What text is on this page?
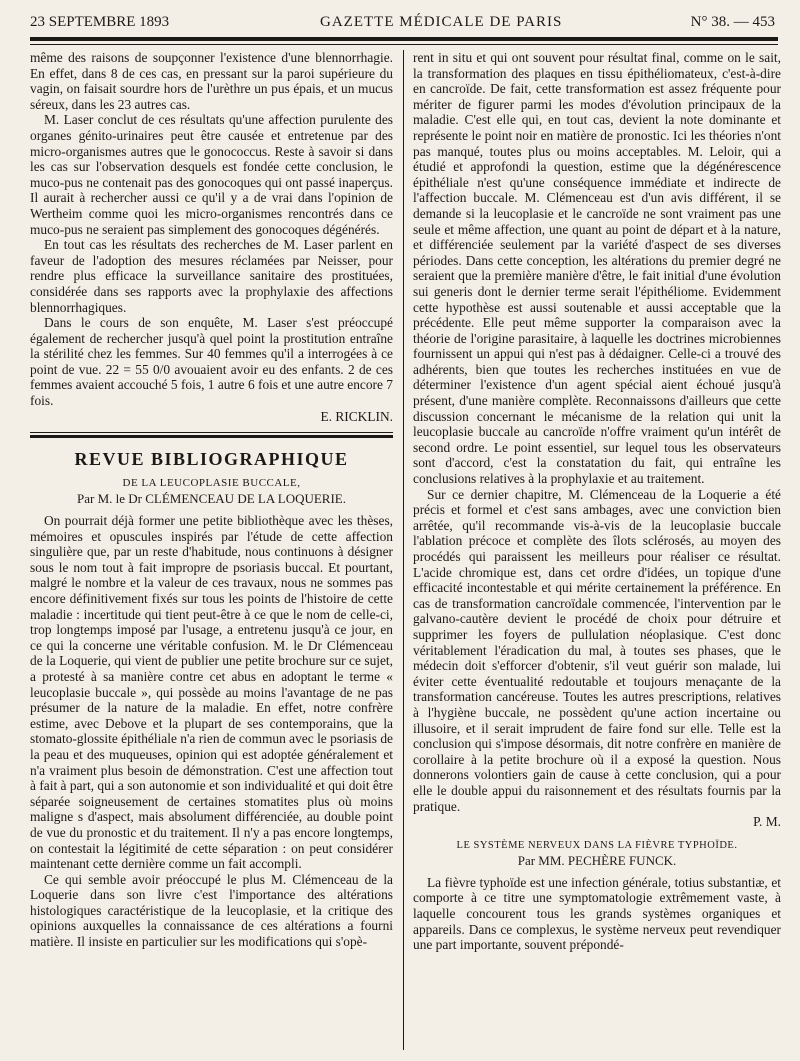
23 SEPTEMBRE 1893	GAZETTE MÉDICALE DE PARIS	N° 38. — 453

même des raisons de soupçonner l'existence d'une blennorrhagie. En effet, dans 8 de ces cas, en pressant sur la paroi supérieure du vagin, on faisait sourdre hors de l'urèthre un pus épais, et un mucus séreux, dans les 23 autres cas.

M. Laser conclut de ces résultats qu'une affection purulente des organes génito-urinaires peut être causée et entretenue par des micro-organismes autres que le gonococcus. Reste à savoir si dans les cas sur l'observation desquels est fondée cette conclusion, le muco-pus ne contenait pas des gonocoques qui ont passé inaperçus. Il aurait à rechercher aussi ce qu'il y a de vrai dans l'opinion de Wertheim comme quoi les micro-organismes rencontrés dans ce muco-pus ne seraient pas simplement des gonocoques dégénérés.

En tout cas les résultats des recherches de M. Laser parlent en faveur de l'adoption des mesures réclamées par Neisser, pour rendre plus efficace la surveillance sanitaire des prostituées, considérée dans ses rapports avec la prophylaxie des affections blennorrhagiques.

Dans le cours de son enquête, M. Laser s'est préoccupé également de rechercher jusqu'à quel point la prostitution entraîne la stérilité chez les femmes. Sur 40 femmes qu'il a interrogées à ce point de vue. 22 = 55 0/0 avouaient avoir eu des enfants. 2 de ces femmes avaient accouché 5 fois, 1 autre 6 fois et une autre encore 7 fois.

E. RICKLIN.
REVUE BIBLIOGRAPHIQUE
DE LA LEUCOPLASIE BUCCALE,
Par M. le Dr CLÉMENCEAU DE LA LOQUERIE.

On pourrait déjà former une petite bibliothèque avec les thèses, mémoires et opuscules inspirés par l'étude de cette affection singulière que, par un reste d'habitude, nous continuons à désigner sous le nom tout à fait impropre de psoriasis buccal. Et pourtant, malgré le nombre et la valeur de ces travaux, nous ne sommes pas encore définitivement fixés sur tous les points de l'histoire de cette maladie : incertitude qui tient peut-être à ce que le nom de celle-ci, trop longtemps imposé par l'usage, a entretenu jusqu'à ce jour, en ce qui la concerne une véritable confusion. M. le Dr Clémenceau de la Loquerie, qui vient de publier une petite brochure sur ce sujet, a protesté à sa manière contre cet abus en adoptant le terme « leucoplasie buccale », qui possède au moins l'avantage de ne pas présumer de la nature de la maladie. En effet, notre confrère estime, avec Debove et la plupart de ses contemporains, que la stomato-glossite épithéliale n'a rien de commun avec le psoriasis de la peau et des muqueuses, opinion qui est adoptée généralement et n'a vraiment plus besoin de démonstration. C'est une affection tout à fait à part, qui a son autonomie et son individualité et qui doit être séparée soigneusement de certaines stomatites plus où moins maligne s d'aspect, mais absolument différenciée, au double point de vue du pronostic et du traitement. Il n'y a pas encore longtemps, on contestait la légitimité de cette séparation : on peut considérer maintenant cette dernière comme un fait accompli.

Ce qui semble avoir préoccupé le plus M. Clémenceau de la Loquerie dans son livre c'est l'importance des altérations histologiques caractéristique de la leucoplasie, et la critique des opinions auxquelles la connaissance de ces altérations a fourni matière. Il insiste en particulier sur les modifications qui s'opè-

rent in situ et qui ont souvent pour résultat final, comme on le sait, la transformation des plaques en tissu épithéliomateux, c'est-à-dire en cancroïde. De fait, cette transformation est assez fréquente pour mériter de figurer parmi les modes d'évolution principaux de la maladie. C'est elle qui, en tout cas, devient la note dominante et représente le point noir en matière de pronostic. Ici les théories n'ont pas manqué, toutes plus ou moins acceptables. M. Leloir, qui a étudié et approfondi la question, estime que la dégénérescence épithéliale n'est qu'une conséquence immédiate et indirecte de l'affection buccale. M. Clémenceau est d'un avis différent, il se demande si la leucoplasie et le cancroïde ne sont vraiment pas une seule et même affection, une quant au point de départ et à la nature, et différenciée seulement par la variété d'aspect de ses diverses périodes. Dans cette conception, les altérations du premier degré ne seraient que la première manière d'être, le fait initial d'une évolution sui generis dont le dernier terme serait l'épithéliome. Evidemment cette hypothèse est aussi soutenable et aussi acceptable que la précédente. Elle peut même supporter la comparaison avec la théorie de l'origine parasitaire, à laquelle les doctrines microbiennes fournissent un appui qui n'est pas à dédaigner. Celle-ci a trouvé des adhérents, bien que toutes les recherches instituées en vue de déterminer l'existence d'un agent spécial aient échoué jusqu'à présent, d'une manière complète. Reconnaissons d'ailleurs que cette discussion concernant le mécanisme de la relation qui unit la leucoplasie buccale au cancroïde n'offre vraiment qu'un intérêt de second ordre. Le point essentiel, sur lequel tous les observateurs sont d'accord, c'est la constatation du fait, qui entraîne les conclusions relatives à la prophylaxie et au traitement.

Sur ce dernier chapitre, M. Clémenceau de la Loquerie a été précis et formel et c'est sans ambages, avec une conviction bien arrêtée, qu'il recommande vis-à-vis de la leucoplasie buccale l'ablation précoce et complète des îlots sclérosés, au moyen des procédés qui paraissent les meilleurs pour réaliser ce résultat. L'acide chromique est, dans cet ordre d'idées, un topique d'une efficacité incontestable et qui mérite certainement la préférence. En cas de transformation cancroïdale commencée, l'intervention par le galvano-cautère devient le procédé de choix pour détruire et supprimer les foyers de pullulation néoplasique. C'est donc véritablement l'éradication du mal, à toutes ses phases, que le médecin doit s'efforcer d'obtenir, s'il veut guérir son malade, lui éviter cette éventualité redoutable et toujours menaçante de la transformation cancéreuse. Toutes les autres prescriptions, relatives à l'hygiène buccale, ne possèdent qu'une action incertaine ou illusoire, et il serait imprudent de faire fond sur elle. Telle est la conclusion qui s'impose désormais, dit notre confrère en manière de corollaire à la petite brochure où il a exposé la question. Nous donnerons volontiers gain de cause à cette conclusion, qui a pour elle le double appui du raisonnement et des résultats fournis par la pratique.

P. M.
LE SYSTÈME NERVEUX DANS LA FIÈVRE TYPHOÏDE.
Par MM. PECHÈRE FUNCK.

La fièvre typhoïde est une infection générale, totius substantiæ, et comporte à ce titre une symptomatologie extrêmement vaste, à laquelle concourent tous les grands systèmes organiques et appareils. Dans ce complexus, le système nerveux peut revendiquer une part importante, souvent prépondé-
